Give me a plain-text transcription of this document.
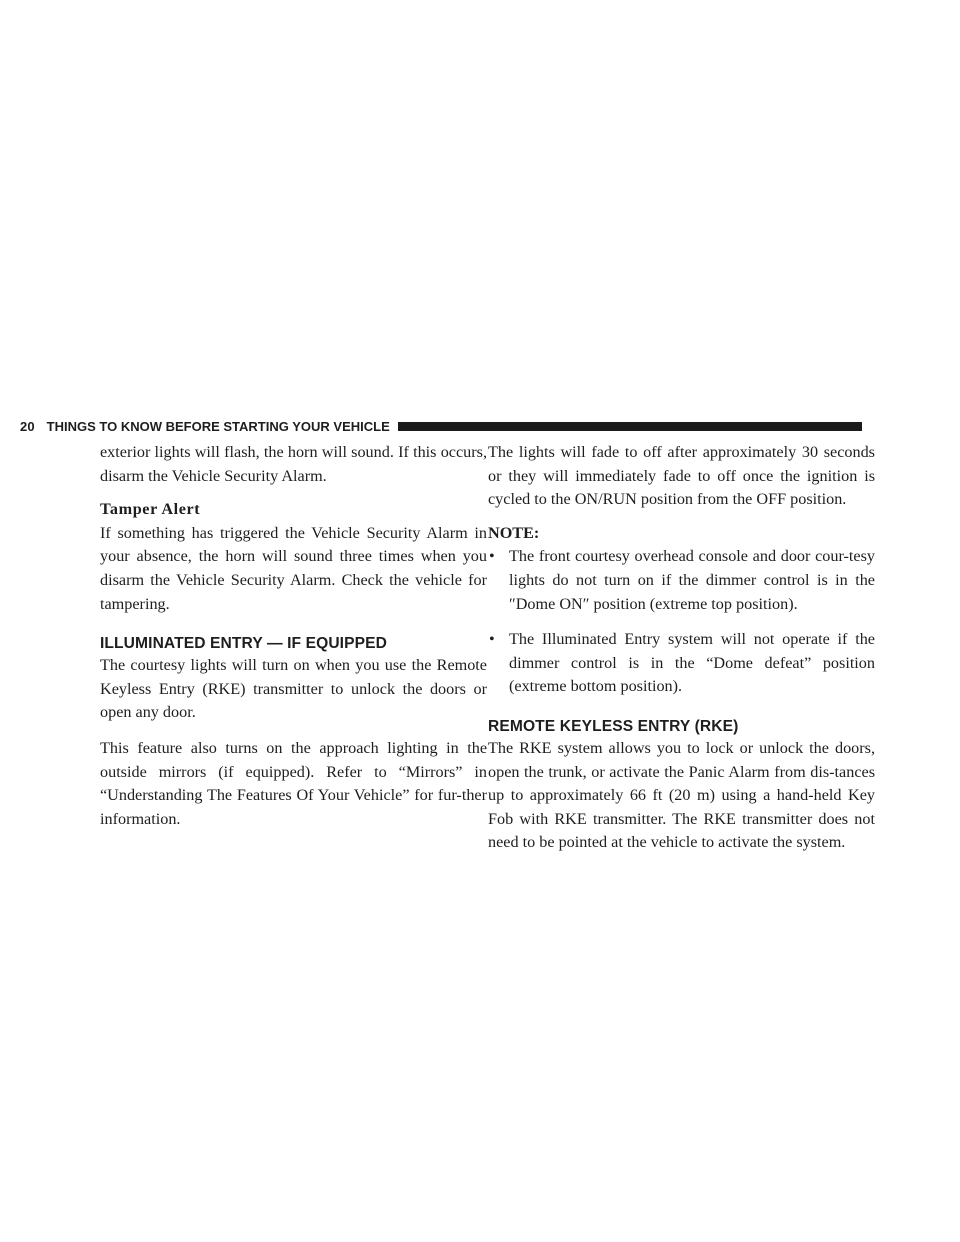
20 THINGS TO KNOW BEFORE STARTING YOUR VEHICLE

exterior lights will flash, the horn will sound. If this occurs, disarm the Vehicle Security Alarm.

Tamper Alert

If something has triggered the Vehicle Security Alarm in your absence, the horn will sound three times when you disarm the Vehicle Security Alarm. Check the vehicle for tampering.

ILLUMINATED ENTRY — IF EQUIPPED

The courtesy lights will turn on when you use the Remote Keyless Entry (RKE) transmitter to unlock the doors or open any door.

This feature also turns on the approach lighting in the outside mirrors (if equipped). Refer to “Mirrors” in “Understanding The Features Of Your Vehicle” for fur-ther information.

The lights will fade to off after approximately 30 seconds or they will immediately fade to off once the ignition is cycled to the ON/RUN position from the OFF position.

NOTE:

• The front courtesy overhead console and door cour-tesy lights do not turn on if the dimmer control is in the ″Dome ON″ position (extreme top position).

• The Illuminated Entry system will not operate if the dimmer control is in the “Dome defeat” position (extreme bottom position).

REMOTE KEYLESS ENTRY (RKE)

The RKE system allows you to lock or unlock the doors, open the trunk, or activate the Panic Alarm from dis-tances up to approximately 66 ft (20 m) using a hand-held Key Fob with RKE transmitter. The RKE transmitter does not need to be pointed at the vehicle to activate the system.
